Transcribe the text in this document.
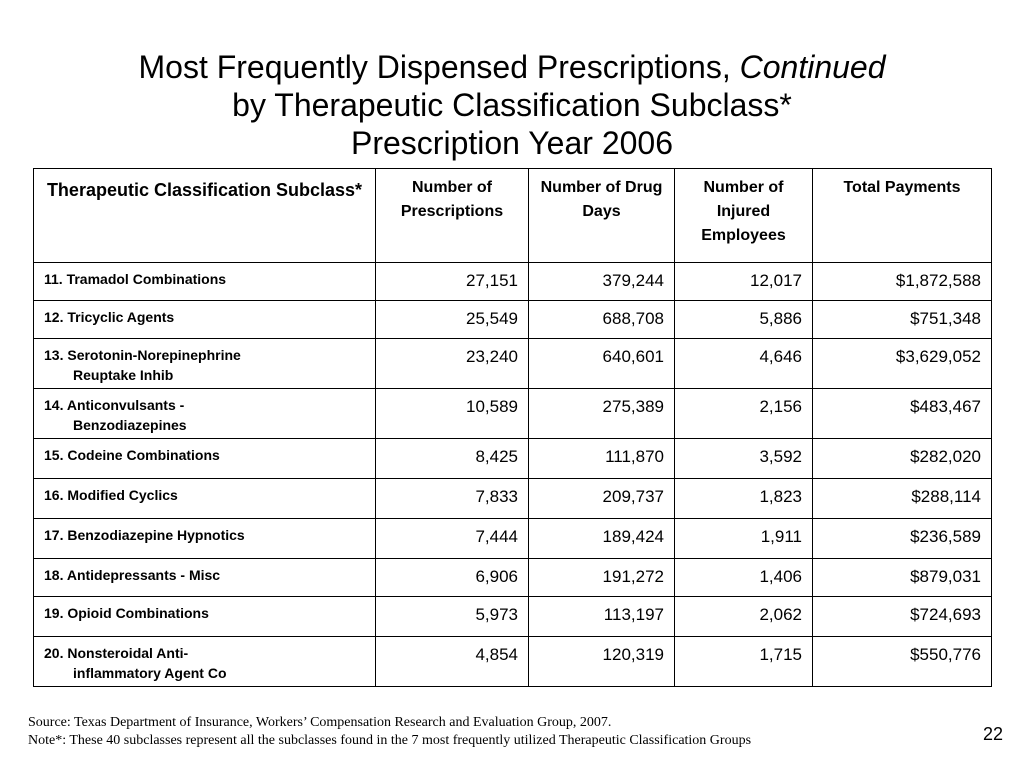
Most Frequently Dispensed Prescriptions, Continued
by Therapeutic Classification Subclass*
Prescription Year 2006
Therapeutic Classification Subclass*	Number of Prescriptions	Number of Drug Days	Number of Injured Employees	Total Payments
11. Tramadol Combinations	27,151	379,244	12,017	$1,872,588
12. Tricyclic Agents	25,549	688,708	5,886	$751,348
13. Serotonin-Norepinephrine
Reuptake Inhib	23,240	640,601	4,646	$3,629,052
14. Anticonvulsants -
Benzodiazepines	10,589	275,389	2,156	$483,467
15. Codeine Combinations	8,425	111,870	3,592	$282,020
16. Modified Cyclics	7,833	209,737	1,823	$288,114
17. Benzodiazepine Hypnotics	7,444	189,424	1,911	$236,589
18. Antidepressants - Misc	6,906	191,272	1,406	$879,031
19. Opioid Combinations	5,973	113,197	2,062	$724,693
20. Nonsteroidal Anti-
inflammatory Agent Co	4,854	120,319	1,715	$550,776
Source: Texas Department of Insurance, Workers’ Compensation Research and Evaluation Group, 2007.
Note*: These 40 subclasses represent all the subclasses found in the 7 most frequently utilized Therapeutic Classification Groups	22
